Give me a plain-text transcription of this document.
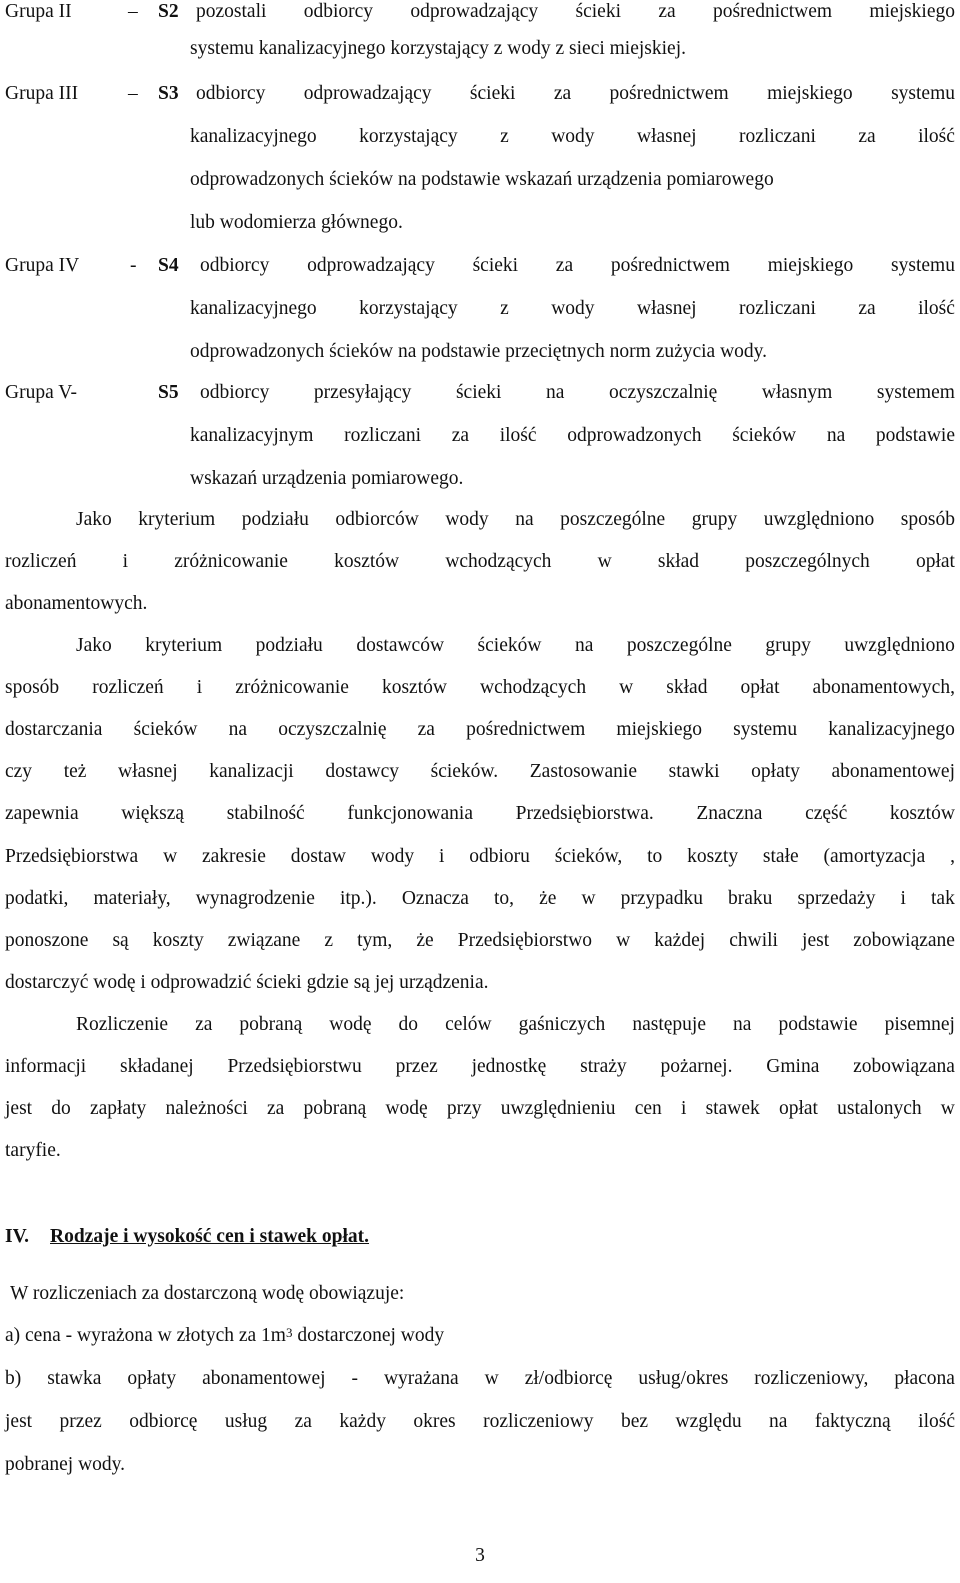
Grupa II	– S2 pozostali odbiorcy odprowadzający ścieki za pośrednictwem miejskiego
systemu kanalizacyjnego korzystający z wody z sieci miejskiej.
Grupa III	– S3 odbiorcy odprowadzający ścieki za pośrednictwem miejskiego systemu
kanalizacyjnego korzystający z wody własnej rozliczani za ilość
odprowadzonych ścieków na podstawie wskazań urządzenia pomiarowego
lub wodomierza głównego.
Grupa IV	- S4 odbiorcy odprowadzający ścieki za pośrednictwem miejskiego systemu
kanalizacyjnego korzystający z wody własnej rozliczani za ilość
odprowadzonych ścieków na podstawie przeciętnych norm zużycia wody.
Grupa V-	S5 odbiorcy przesyłający ścieki na oczyszczalnię własnym systemem
kanalizacyjnym rozliczani za ilość odprowadzonych ścieków na podstawie
wskazań urządzenia pomiarowego.
Jako kryterium podziału odbiorców wody na poszczególne grupy uwzględniono sposób
rozliczeń i zróżnicowanie kosztów wchodzących w skład poszczególnych opłat
abonamentowych.
Jako kryterium podziału dostawców ścieków na poszczególne grupy uwzględniono
sposób rozliczeń i zróżnicowanie kosztów wchodzących w skład opłat abonamentowych,
dostarczania ścieków na oczyszczalnię za pośrednictwem miejskiego systemu kanalizacyjnego
czy też własnej kanalizacji dostawcy ścieków. Zastosowanie stawki opłaty abonamentowej
zapewnia większą stabilność funkcjonowania Przedsiębiorstwa. Znaczna część kosztów
Przedsiębiorstwa w zakresie dostaw wody i odbioru ścieków, to koszty stałe (amortyzacja ,
podatki, materiały, wynagrodzenie itp.). Oznacza to, że w przypadku braku sprzedaży i tak
ponoszone są koszty związane z tym, że Przedsiębiorstwo w każdej chwili jest zobowiązane
dostarczyć wodę i odprowadzić ścieki gdzie są jej urządzenia.
Rozliczenie za pobraną wodę do celów gaśniczych następuje na podstawie pisemnej
informacji składanej Przedsiębiorstwu przez jednostkę straży pożarnej. Gmina zobowiązana
jest do zapłaty należności za pobraną wodę przy uwzględnieniu cen i stawek opłat ustalonych w
taryfie.
IV. Rodzaje i wysokość cen i stawek opłat.
W rozliczeniach za dostarczoną wodę obowiązuje:
a) cena - wyrażona w złotych za $1m^3$ dostarczonej wody
b) stawka opłaty abonamentowej - wyrażana w zł/odbiorcę usług/okres rozliczeniowy, płacona
jest przez odbiorcę usług za każdy okres rozliczeniowy bez względu na faktyczną ilość
pobranej wody.
3
